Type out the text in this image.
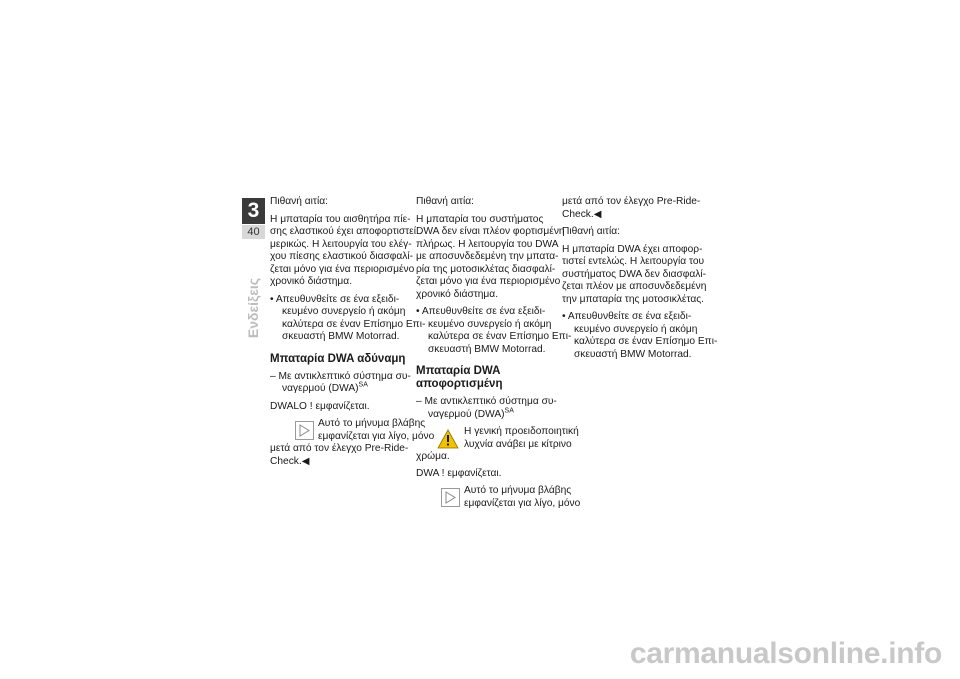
3
40
Ενδείξεις

Πιθανή αιτία:

Η μπαταρία του αισθητήρα πίε-
σης ελαστικού έχει αποφορτιστεί
μερικώς. Η λειτουργία του ελέγ-
χου πίεσης ελαστικού διασφαλί-
ζεται μόνο για ένα περιορισμένο
χρονικό διάστημα.

• Απευθυνθείτε σε ένα εξειδι-
κευμένο συνεργείο ή ακόμη
καλύτερα σε έναν Επίσημο Επι-
σκευαστή BMW Motorrad.

Μπαταρία DWA αδύναμη

– Με αντικλεπτικό σύστημα συ-
ναγερμού (DWA)$^{SA}$

DWALO ! εμφανίζεται.

Αυτό το μήνυμα βλάβης
εμφανίζεται για λίγο, μόνο
μετά από τον έλεγχο Pre-Ride-
Check.◀

Πιθανή αιτία:

Η μπαταρία του συστήματος
DWA δεν είναι πλέον φορτισμένη
πλήρως. Η λειτουργία του DWA
με αποσυνδεδεμένη την μπατα-
ρία της μοτοσικλέτας διασφαλί-
ζεται μόνο για ένα περιορισμένο
χρονικό διάστημα.

• Απευθυνθείτε σε ένα εξειδι-
κευμένο συνεργείο ή ακόμη
καλύτερα σε έναν Επίσημο Επι-
σκευαστή BMW Motorrad.

Μπαταρία DWA
αποφορτισμένη

– Με αντικλεπτικό σύστημα συ-
ναγερμού (DWA)$^{SA}$

Η γενική προειδοποιητική
λυχνία ανάβει με κίτρινο
χρώμα.

DWA ! εμφανίζεται.

Αυτό το μήνυμα βλάβης
εμφανίζεται για λίγο, μόνο

μετά από τον έλεγχο Pre-Ride-
Check.◀

Πιθανή αιτία:

Η μπαταρία DWA έχει αποφορ-
τιστεί εντελώς. Η λειτουργία του
συστήματος DWA δεν διασφαλί-
ζεται πλέον με αποσυνδεδεμένη
την μπαταρία της μοτοσικλέτας.

• Απευθυνθείτε σε ένα εξειδι-
κευμένο συνεργείο ή ακόμη
καλύτερα σε έναν Επίσημο Επι-
σκευαστή BMW Motorrad.

carmanualsonline.info
